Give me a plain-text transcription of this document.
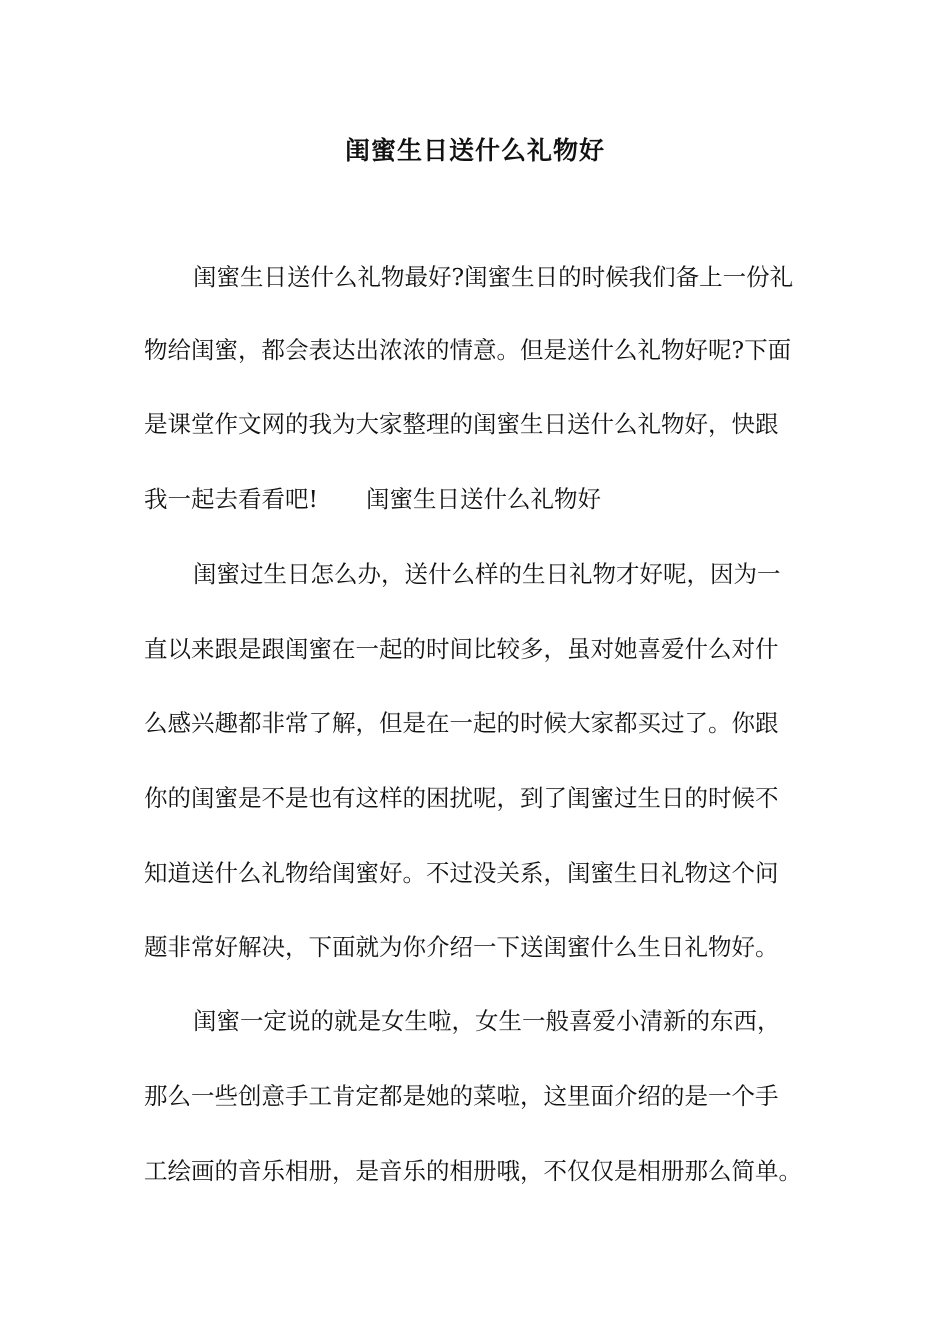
闺蜜生日送什么礼物好
闺蜜生日送什么礼物最好?闺蜜生日的时候我们备上一份礼
物给闺蜜，都会表达出浓浓的情意。但是送什么礼物好呢?下面
是课堂作文网的我为大家整理的闺蜜生日送什么礼物好，快跟
我一起去看看吧! 闺蜜生日送什么礼物好
闺蜜过生日怎么办，送什么样的生日礼物才好呢，因为一
直以来跟是跟闺蜜在一起的时间比较多，虽对她喜爱什么对什
么感兴趣都非常了解，但是在一起的时候大家都买过了。你跟
你的闺蜜是不是也有这样的困扰呢，到了闺蜜过生日的时候不
知道送什么礼物给闺蜜好。不过没关系，闺蜜生日礼物这个问
题非常好解决，下面就为你介绍一下送闺蜜什么生日礼物好。
闺蜜一定说的就是女生啦，女生一般喜爱小清新的东西，
那么一些创意手工肯定都是她的菜啦，这里面介绍的是一个手
工绘画的音乐相册，是音乐的相册哦，不仅仅是相册那么简单。
